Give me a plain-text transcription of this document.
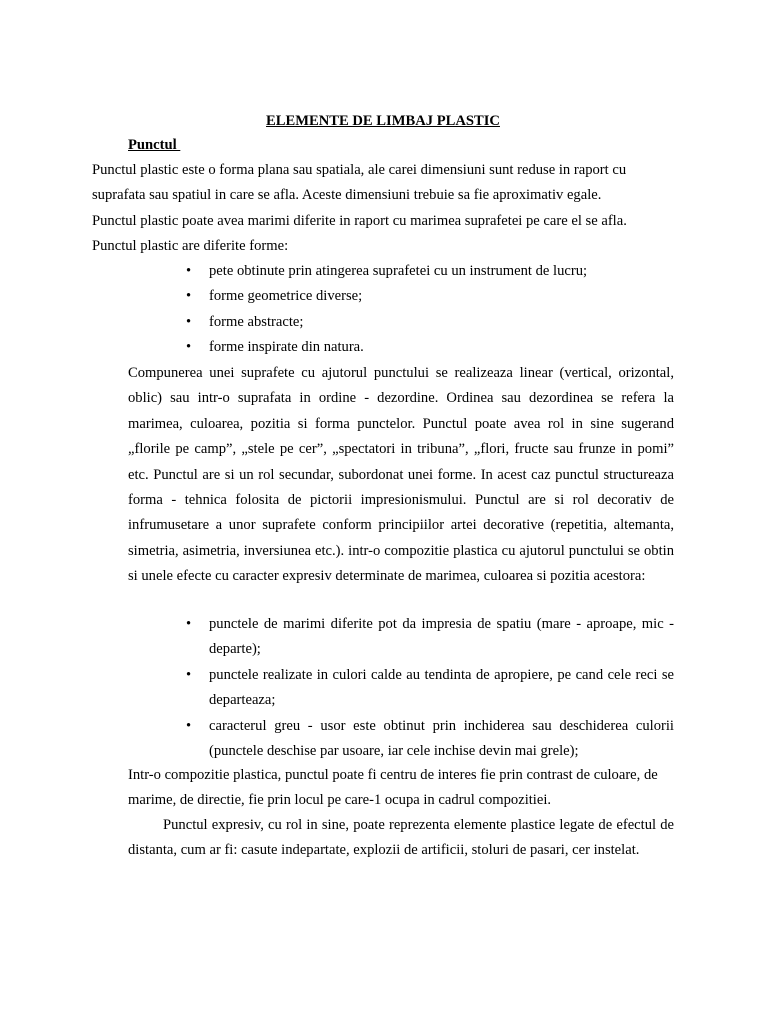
ELEMENTE DE LIMBAJ PLASTIC
Punctul

Punctul plastic este o forma plana sau spatiala, ale carei dimensiuni sunt reduse in raport cu

suprafata sau spatiul in care se afla. Aceste dimensiuni trebuie sa fie aproximativ egale.

Punctul plastic poate avea marimi diferite in raport cu marimea suprafetei pe care el se afla.

Punctul plastic are diferite forme:

• pete obtinute prin atingerea suprafetei cu un instrument de lucru;
• forme geometrice diverse;
• forme abstracte;
• forme inspirate din natura.

Compunerea unei suprafete cu ajutorul punctului se realizeaza linear (vertical, orizontal, oblic) sau intr-o suprafata in ordine - dezordine. Ordinea sau dezordinea se refera la marimea, culoarea, pozitia si forma punctelor. Punctul poate avea rol in sine sugerand „florile pe camp”, „stele pe cer”, „spectatori in tribuna”, „flori, fructe sau frunze in pomi” etc. Punctul are si un rol secundar, subordonat unei forme. In acest caz punctul structureaza forma - tehnica folosita de pictorii impresionismului. Punctul are si rol decorativ de infrumusetare a unor suprafete conform principiilor artei decorative (repetitia, altemanta, simetria, asimetria, inversiunea etc.). intr-o compozitie plastica cu ajutorul punctului se obtin si unele efecte cu caracter expresiv determinate de marimea, culoarea si pozitia acestora:

• punctele de marimi diferite pot da impresia de spatiu (mare - aproape, mic - departe);
• punctele realizate in culori calde au tendinta de apropiere, pe cand cele reci se departeaza;
• caracterul greu - usor este obtinut prin inchiderea sau deschiderea culorii (punctele deschise par usoare, iar cele inchise devin mai grele);

Intr-o compozitie plastica, punctul poate fi centru de interes fie prin contrast de culoare, de marime, de directie, fie prin locul pe care-1 ocupa in cadrul compozitiei.

Punctul expresiv, cu rol in sine, poate reprezenta elemente plastice legate de efectul de distanta, cum ar fi: casute indepartate, explozii de artificii, stoluri de pasari, cer instelat.
